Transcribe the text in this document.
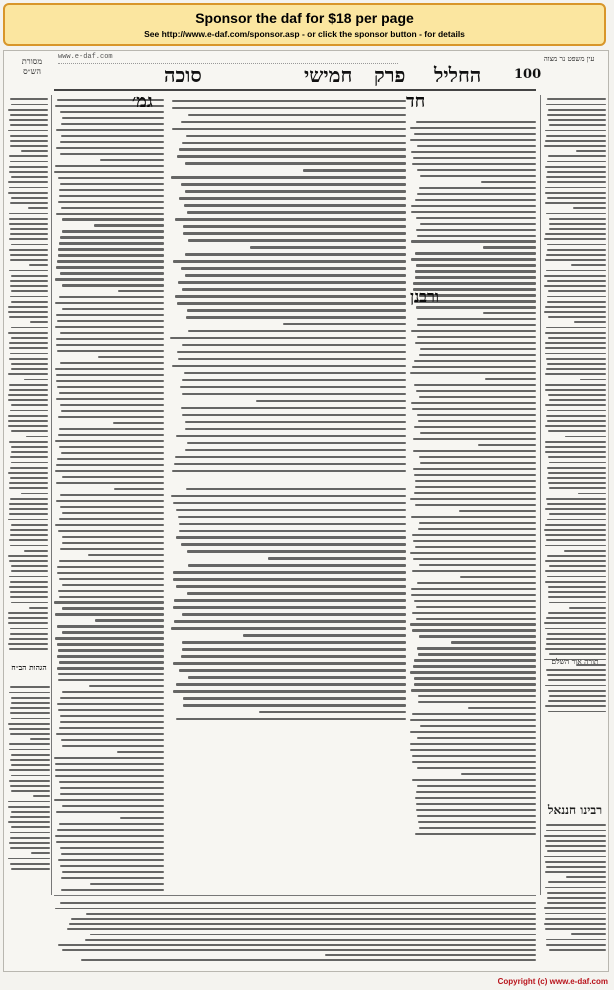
Sponsor the daf for $18 per page
See http://www.e-daf.com/sponsor.asp - or click the sponsor button - for details
www.e-daf.com
סוכה	חמישי פרק החליל	100
מסורת הש״ס
עין משפט נר מצוה
הגהות הב״ח
גמ׳	חד
ורבנן
רבינו חננאל
תורה אור השלם
Copyright (c) www.e-daf.com
